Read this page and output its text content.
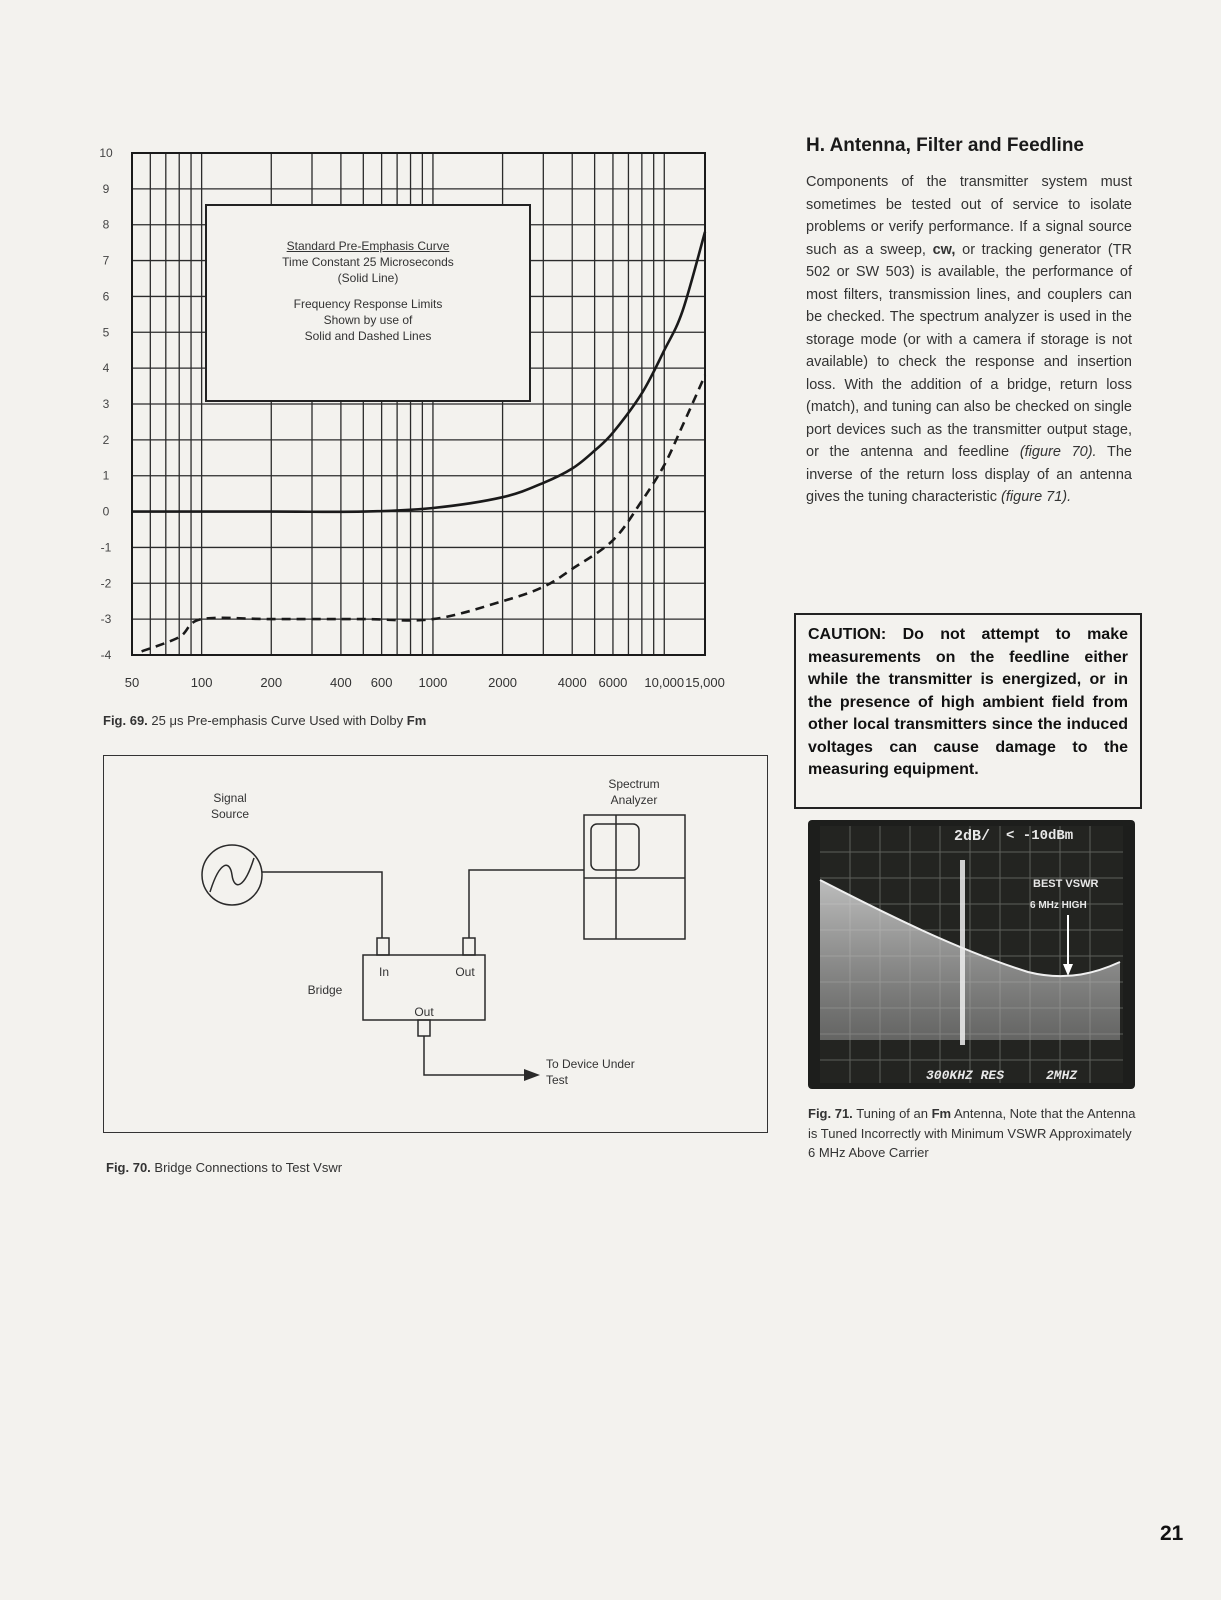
10
9
8
7
6
5
4
3
2
1
0
-1
-2
-3
-4
50	100	200	400 600 1000	2000	4000 6000 10,000 15,000
Standard Pre-Emphasis Curve
Time Constant 25 Microseconds
(Solid Line)
Frequency Response Limits
Shown by use of
Solid and Dashed Lines
Fig. 69. 25 μs Pre-emphasis Curve Used with Dolby Fm
Signal Source
Spectrum Analyzer
Bridge
In	Out
Out
To Device Under Test
Fig. 70. Bridge Connections to Test Vswr
H. Antenna, Filter and Feedline
Components of the transmitter system must sometimes be tested out of service to isolate problems or verify performance. If a signal source such as a sweep, cw, or tracking generator (TR 502 or SW 503) is available, the performance of most filters, transmission lines, and couplers can be checked. The spectrum analyzer is used in the storage mode (or with a camera if storage is not available) to check the response and insertion loss. With the addition of a bridge, return loss (match), and tuning can also be checked on single port devices such as the transmitter output stage, or the antenna and feedline (figure 70). The inverse of the return loss display of an antenna gives the tuning characteristic (figure 71).
CAUTION: Do not attempt to make measurements on the feedline either while the transmitter is energized, or in the presence of high ambient field from other local transmitters since the induced voltages can cause damage to the measuring equipment.
2dB/ < -10dBm
BEST VSWR
6 MHz HIGH
300KHZ RES	2MHZ
Fig. 71. Tuning of an Fm Antenna, Note that the Antenna is Tuned Incorrectly with Minimum VSWR Approximately 6 MHz Above Carrier
21
